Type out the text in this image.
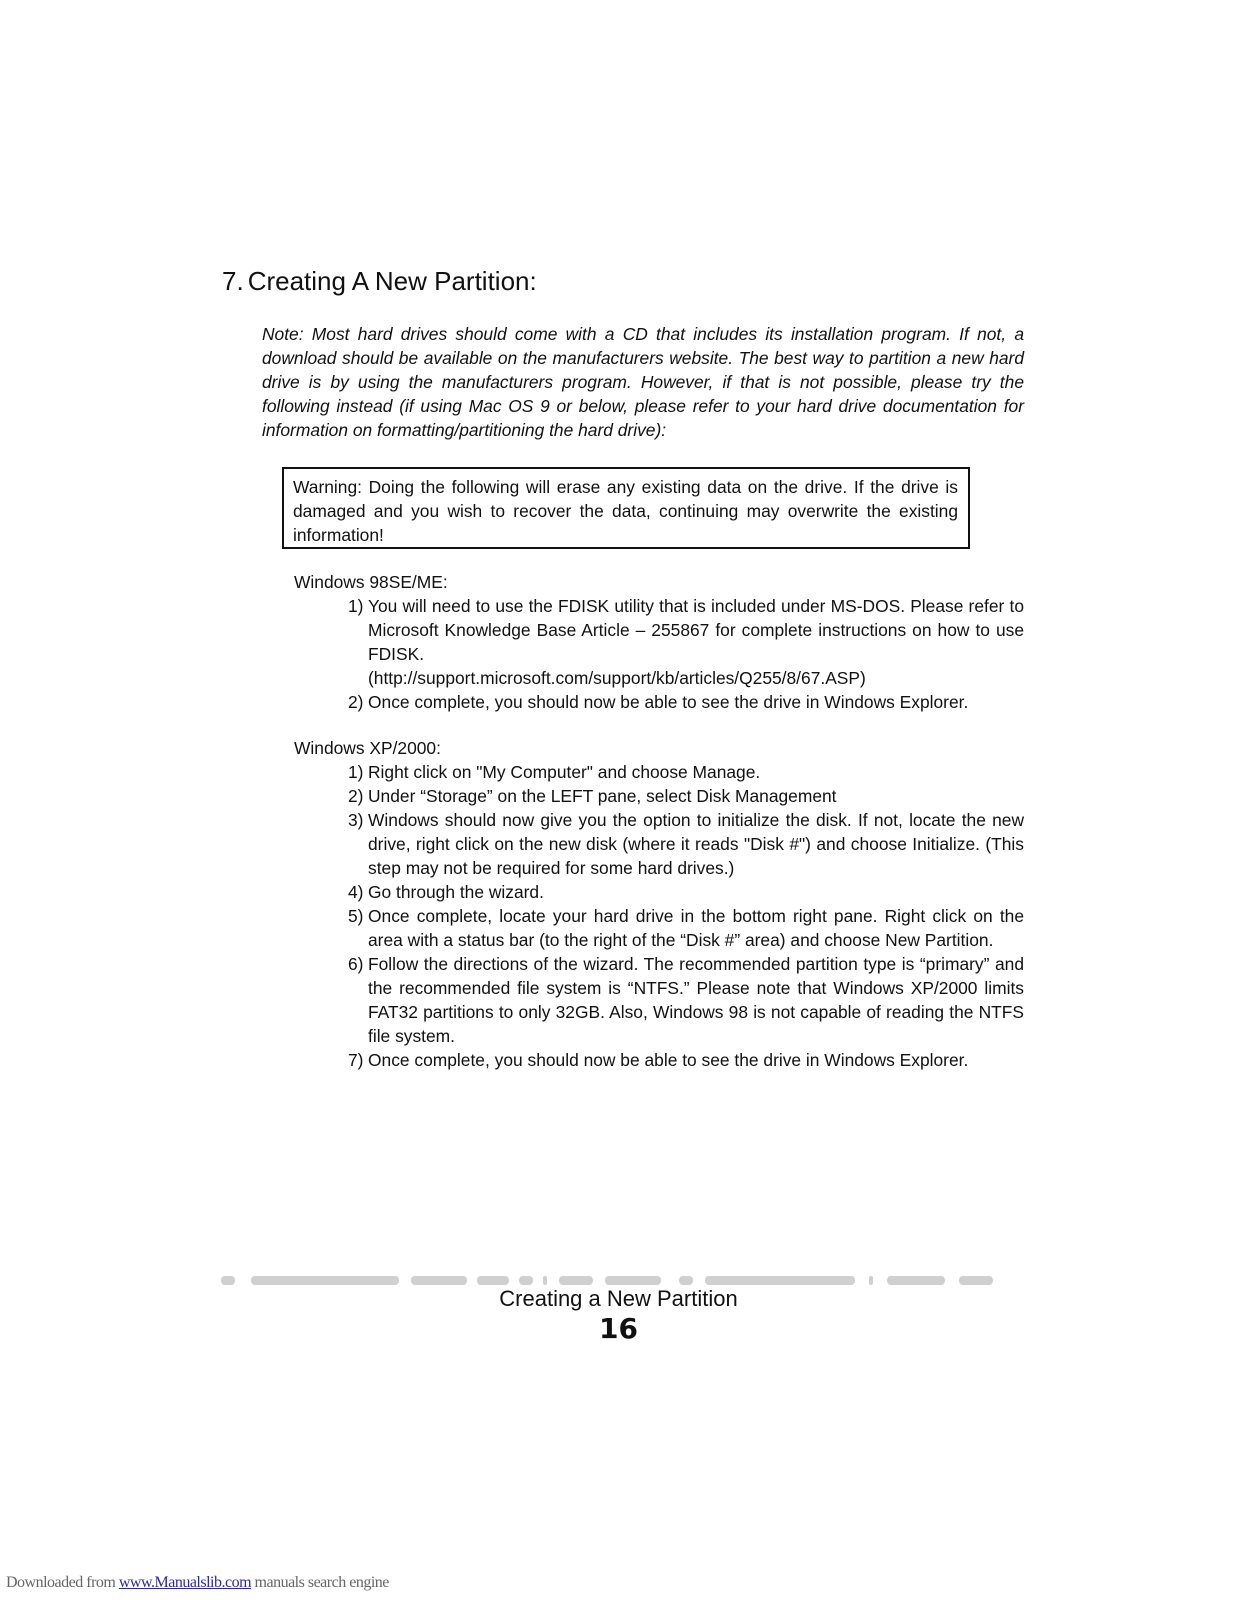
7. Creating A New Partition:

Note: Most hard drives should come with a CD that includes its installation program. If not, a download should be available on the manufacturers website. The best way to partition a new hard drive is by using the manufacturers program. However, if that is not possible, please try the following instead (if using Mac OS 9 or below, please refer to your hard drive documentation for information on formatting/partitioning the hard drive):

Warning: Doing the following will erase any existing data on the drive. If the drive is damaged and you wish to recover the data, continuing may overwrite the existing information!

Windows 98SE/ME:

1) You will need to use the FDISK utility that is included under MS-DOS. Please refer to Microsoft Knowledge Base Article – 255867 for complete instructions on how to use FDISK.
(http://support.microsoft.com/support/kb/articles/Q255/8/67.ASP)
2) Once complete, you should now be able to see the drive in Windows Explorer.

Windows XP/2000:

1) Right click on "My Computer" and choose Manage.
2) Under “Storage” on the LEFT pane, select Disk Management
3) Windows should now give you the option to initialize the disk. If not, locate the new drive, right click on the new disk (where it reads "Disk #") and choose Initialize. (This step may not be required for some hard drives.)
4) Go through the wizard.
5) Once complete, locate your hard drive in the bottom right pane. Right click on the area with a status bar (to the right of the “Disk #” area) and choose New Partition.
6) Follow the directions of the wizard. The recommended partition type is “primary” and the recommended file system is “NTFS.” Please note that Windows XP/2000 limits FAT32 partitions to only 32GB. Also, Windows 98 is not capable of reading the NTFS file system.
7) Once complete, you should now be able to see the drive in Windows Explorer.
Creating a New Partition
16
Downloaded from www.Manualslib.com manuals search engine
